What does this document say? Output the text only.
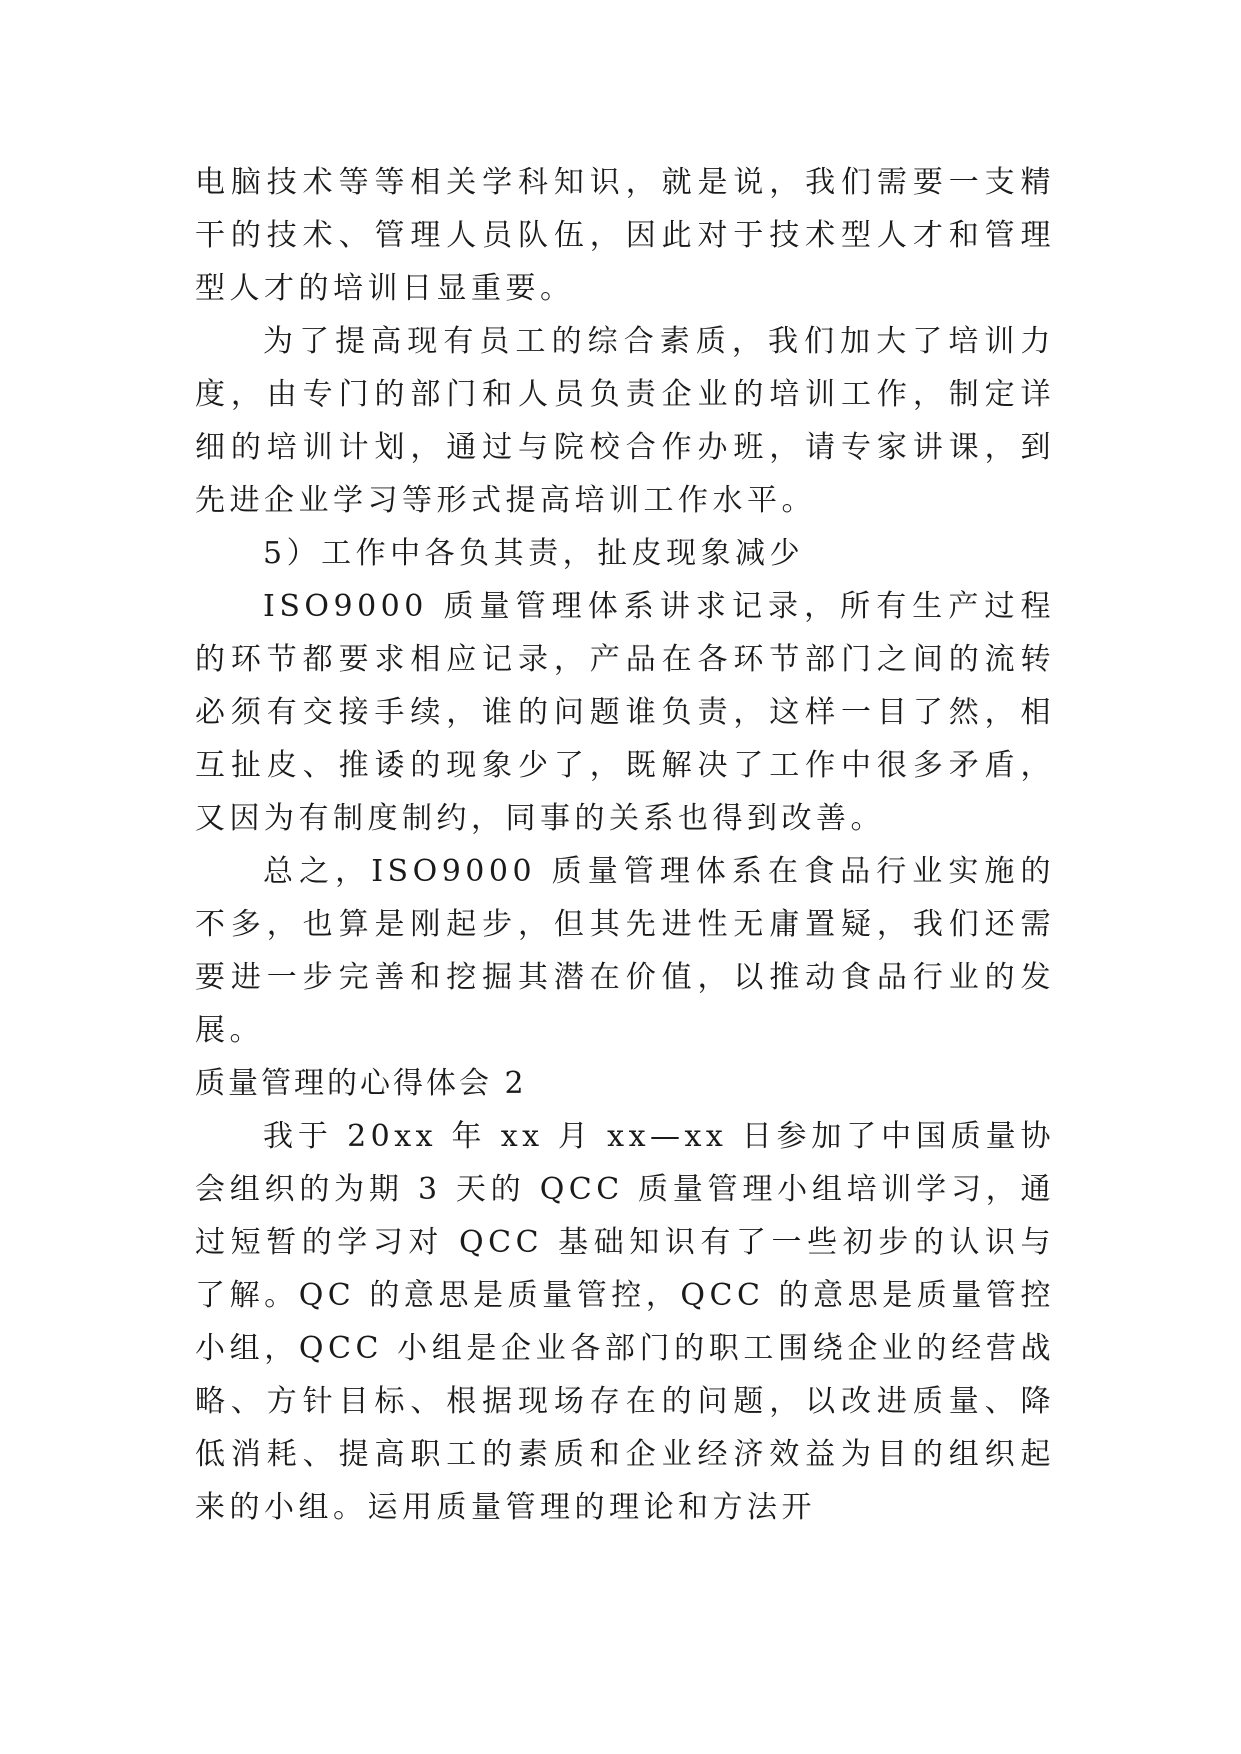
电脑技术等等相关学科知识，就是说，我们需要一支精干的技术、管理人员队伍，因此对于技术型人才和管理型人才的培训日显重要。

为了提高现有员工的综合素质，我们加大了培训力度，由专门的部门和人员负责企业的培训工作，制定详细的培训计划，通过与院校合作办班，请专家讲课，到先进企业学习等形式提高培训工作水平。

5）工作中各负其责，扯皮现象减少

ISO9000 质量管理体系讲求记录，所有生产过程的环节都要求相应记录，产品在各环节部门之间的流转必须有交接手续，谁的问题谁负责，这样一目了然，相互扯皮、推诿的现象少了，既解决了工作中很多矛盾，又因为有制度制约，同事的关系也得到改善。

总之，ISO9000 质量管理体系在食品行业实施的不多，也算是刚起步，但其先进性无庸置疑，我们还需要进一步完善和挖掘其潜在价值，以推动食品行业的发展。

质量管理的心得体会 2

我于 20xx 年 xx 月 xx—xx 日参加了中国质量协会组织的为期 3 天的 QCC 质量管理小组培训学习，通过短暂的学习对 QCC 基础知识有了一些初步的认识与了解。QC 的意思是质量管控，QCC 的意思是质量管控小组，QCC 小组是企业各部门的职工围绕企业的经营战略、方针目标、根据现场存在的问题，以改进质量、降低消耗、提高职工的素质和企业经济效益为目的组织起来的小组。运用质量管理的理论和方法开
